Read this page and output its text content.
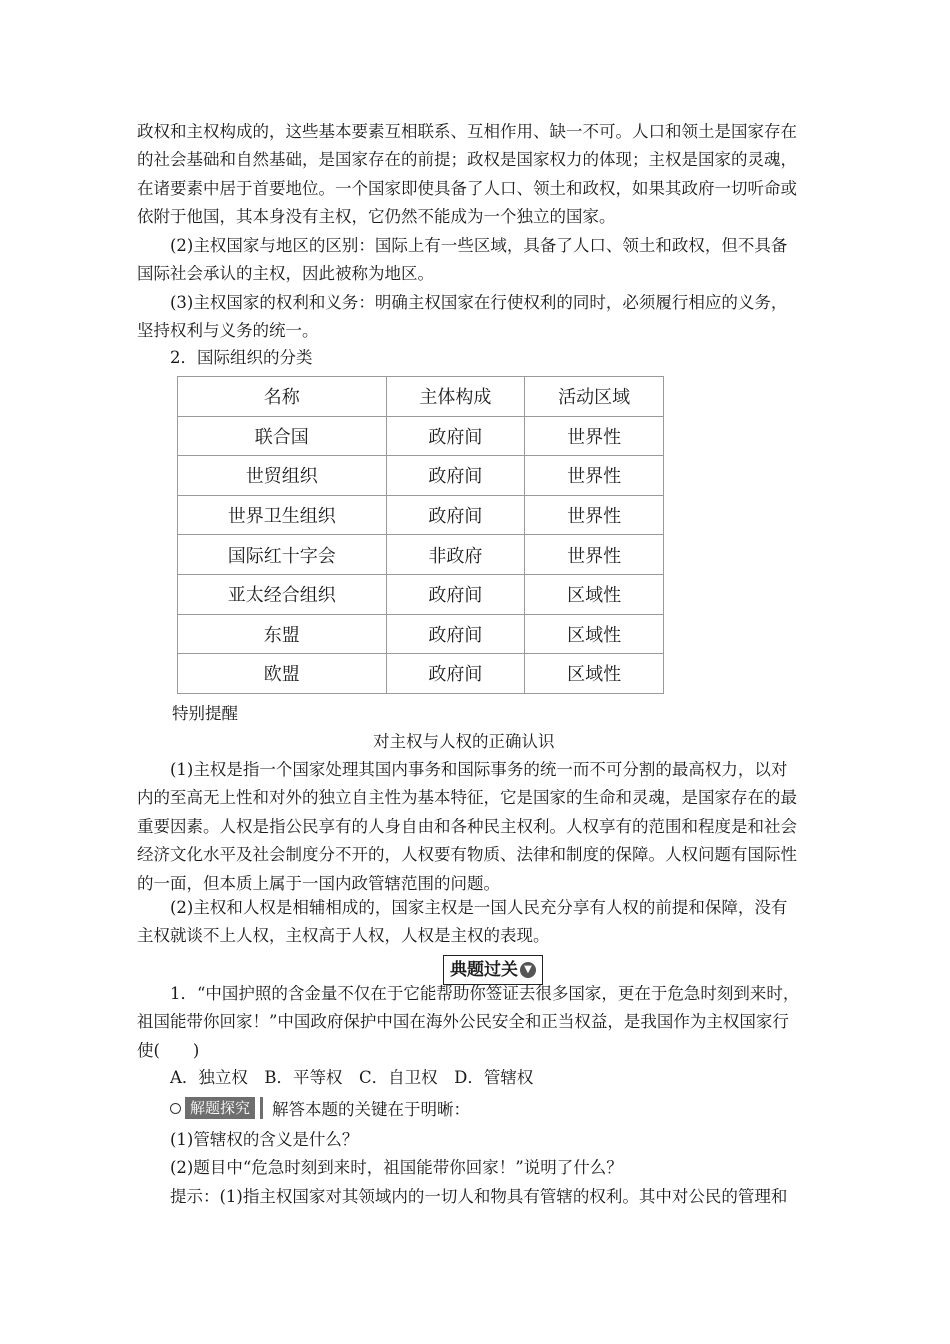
政权和主权构成的，这些基本要素互相联系、互相作用、缺一不可。人口和领土是国家存在
的社会基础和自然基础，是国家存在的前提；政权是国家权力的体现；主权是国家的灵魂，
在诸要素中居于首要地位。一个国家即使具备了人口、领土和政权，如果其政府一切听命或
依附于他国，其本身没有主权，它仍然不能成为一个独立的国家。
(2)主权国家与地区的区别：国际上有一些区域，具备了人口、领土和政权，但不具备
国际社会承认的主权，因此被称为地区。
(3)主权国家的权利和义务：明确主权国家在行使权利的同时，必须履行相应的义务，
坚持权利与义务的统一。
2．国际组织的分类
名称	主体构成	活动区域
联合国	政府间	世界性
世贸组织	政府间	世界性
世界卫生组织	政府间	世界性
国际红十字会	非政府	世界性
亚太经合组织	政府间	区域性
东盟	政府间	区域性
欧盟	政府间	区域性
特别提醒
对主权与人权的正确认识
(1)主权是指一个国家处理其国内事务和国际事务的统一而不可分割的最高权力，以对
内的至高无上性和对外的独立自主性为基本特征，它是国家的生命和灵魂，是国家存在的最
重要因素。人权是指公民享有的人身自由和各种民主权利。人权享有的范围和程度是和社会
经济文化水平及社会制度分不开的，人权要有物质、法律和制度的保障。人权问题有国际性
的一面，但本质上属于一国内政管辖范围的问题。
(2)主权和人权是相辅相成的，国家主权是一国人民充分享有人权的前提和保障，没有
主权就谈不上人权，主权高于人权，人权是主权的表现。
典题过关 ▼
1．“中国护照的含金量不仅在于它能帮助你签证去很多国家，更在于危急时刻到来时，
祖国能带你回家！”中国政府保护中国在海外公民安全和正当权益，是我国作为主权国家行
使(　　)
A．独立权　B．平等权　C．自卫权　D．管辖权
解题探究	解答本题的关键在于明晰：
(1)管辖权的含义是什么？
(2)题目中“危急时刻到来时，祖国能带你回家！”说明了什么？
提示：(1)指主权国家对其领域内的一切人和物具有管辖的权利。其中对公民的管理和
